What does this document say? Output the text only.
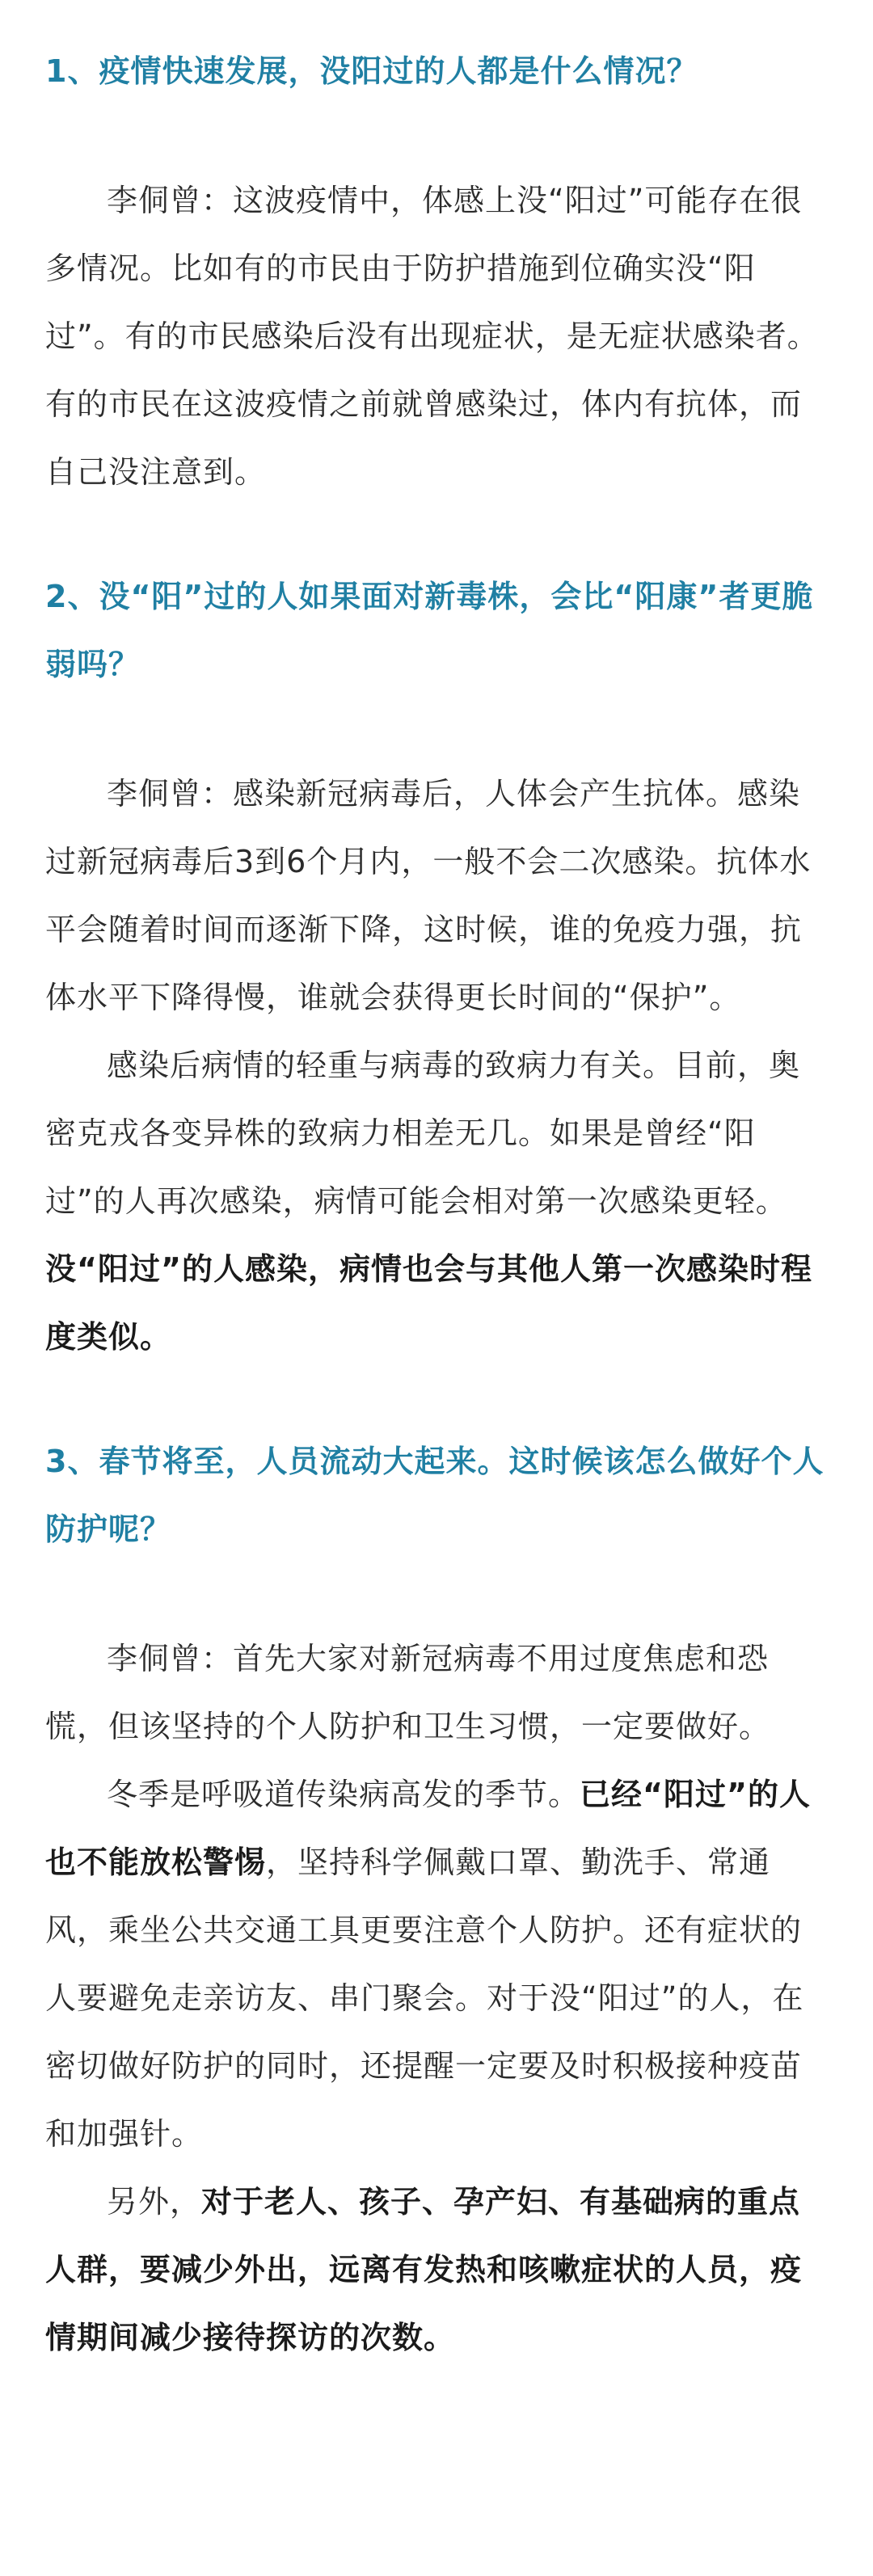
1、疫情快速发展，没阳过的人都是什么情况？

李侗曾：这波疫情中，体感上没“阳过”可能存在很多情况。比如有的市民由于防护措施到位确实没“阳过”。有的市民感染后没有出现症状，是无症状感染者。有的市民在这波疫情之前就曾感染过，体内有抗体，而自己没注意到。

2、没“阳”过的人如果面对新毒株，会比“阳康”者更脆弱吗？

李侗曾：感染新冠病毒后，人体会产生抗体。感染过新冠病毒后3到6个月内，一般不会二次感染。抗体水平会随着时间而逐渐下降，这时候，谁的免疫力强，抗体水平下降得慢，谁就会获得更长时间的“保护”。

感染后病情的轻重与病毒的致病力有关。目前，奥密克戎各变异株的致病力相差无几。如果是曾经“阳过”的人再次感染，病情可能会相对第一次感染更轻。没“阳过”的人感染，病情也会与其他人第一次感染时程度类似。

3、春节将至，人员流动大起来。这时候该怎么做好个人防护呢？

李侗曾：首先大家对新冠病毒不用过度焦虑和恐慌，但该坚持的个人防护和卫生习惯，一定要做好。

冬季是呼吸道传染病高发的季节。已经“阳过”的人也不能放松警惕，坚持科学佩戴口罩、勤洗手、常通风，乘坐公共交通工具更要注意个人防护。还有症状的人要避免走亲访友、串门聚会。对于没“阳过”的人，在密切做好防护的同时，还提醒一定要及时积极接种疫苗和加强针。

另外，对于老人、孩子、孕产妇、有基础病的重点人群，要减少外出，远离有发热和咳嗽症状的人员，疫情期间减少接待探访的次数。
